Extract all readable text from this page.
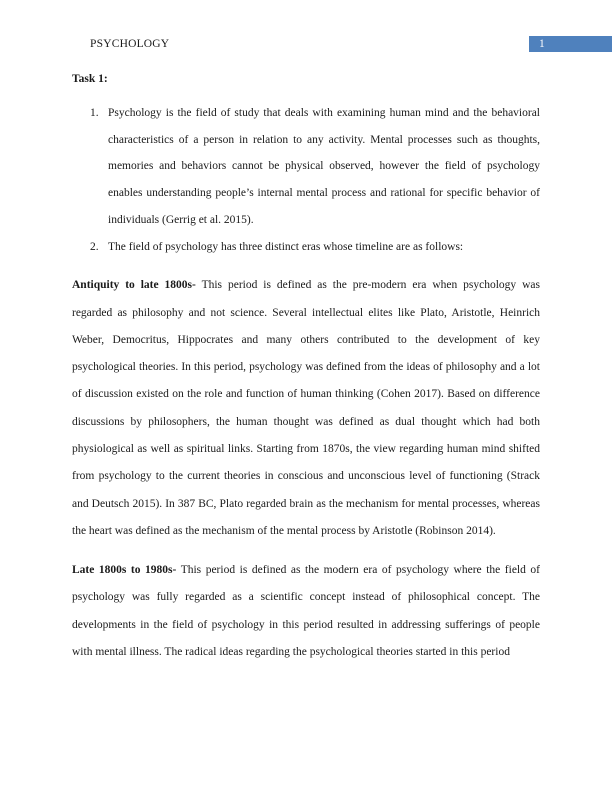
PSYCHOLOGY	1
Task 1:
1. Psychology is the field of study that deals with examining human mind and the behavioral characteristics of a person in relation to any activity. Mental processes such as thoughts, memories and behaviors cannot be physical observed, however the field of psychology enables understanding people’s internal mental process and rational for specific behavior of individuals (Gerrig et al. 2015).
2. The field of psychology has three distinct eras whose timeline are as follows:

Antiquity to late 1800s- This period is defined as the pre-modern era when psychology was regarded as philosophy and not science. Several intellectual elites like Plato, Aristotle, Heinrich Weber, Democritus, Hippocrates and many others contributed to the development of key psychological theories. In this period, psychology was defined from the ideas of philosophy and a lot of discussion existed on the role and function of human thinking (Cohen 2017). Based on difference discussions by philosophers, the human thought was defined as dual thought which had both physiological as well as spiritual links. Starting from 1870s, the view regarding human mind shifted from psychology to the current theories in conscious and unconscious level of functioning (Strack and Deutsch 2015). In 387 BC, Plato regarded brain as the mechanism for mental processes, whereas the heart was defined as the mechanism of the mental process by Aristotle (Robinson 2014).

Late 1800s to 1980s- This period is defined as the modern era of psychology where the field of psychology was fully regarded as a scientific concept instead of philosophical concept. The developments in the field of psychology in this period resulted in addressing sufferings of people with mental illness. The radical ideas regarding the psychological theories started in this period
